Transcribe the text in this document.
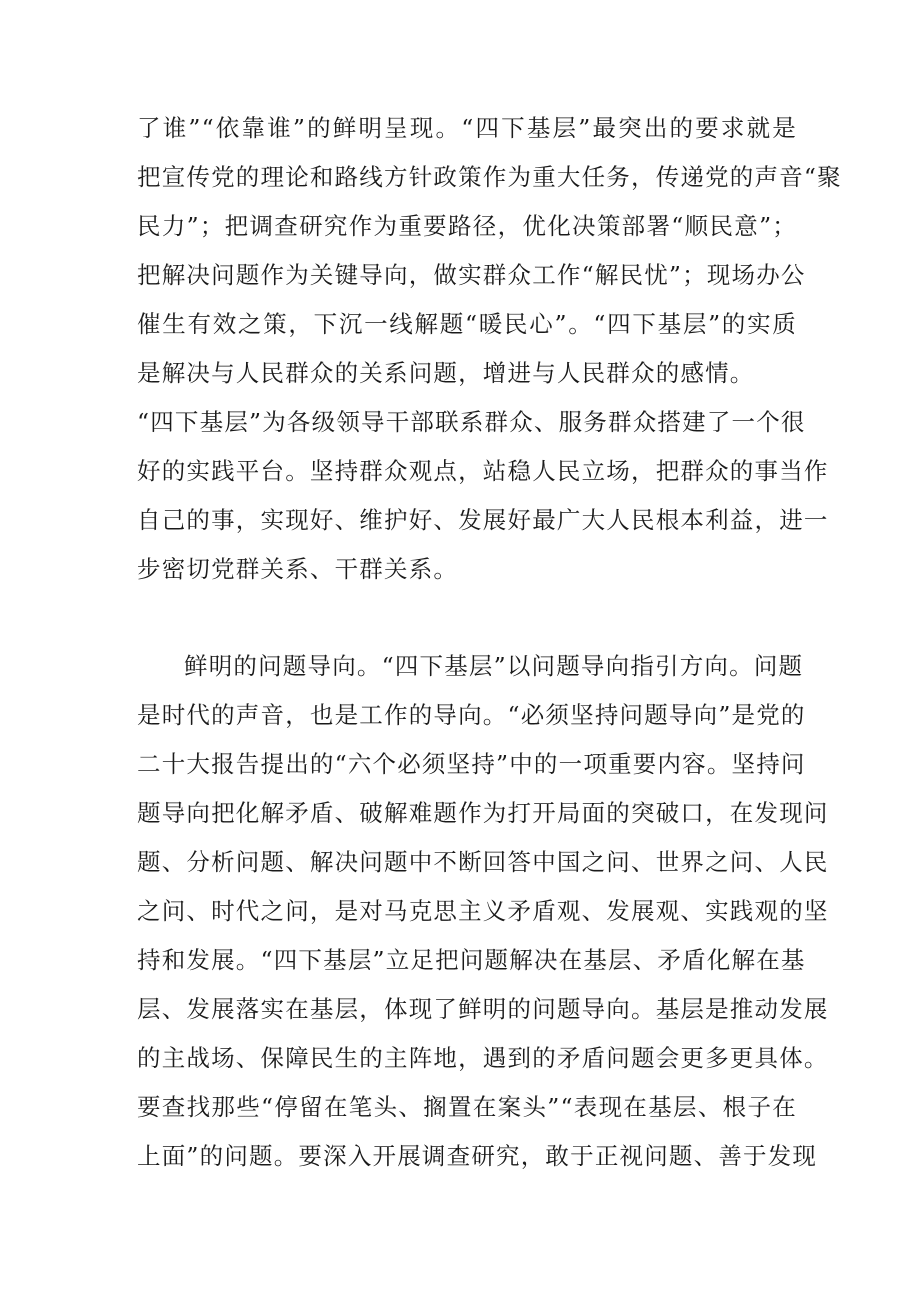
了谁”“依靠谁”的鲜明呈现。“四下基层”最突出的要求就是
把宣传党的理论和路线方针政策作为重大任务，传递党的声音“聚
民力”；把调查研究作为重要路径，优化决策部署“顺民意”；
把解决问题作为关键导向，做实群众工作“解民忧”；现场办公
催生有效之策，下沉一线解题“暖民心”。“四下基层”的实质
是解决与人民群众的关系问题，增进与人民群众的感情。
“四下基层”为各级领导干部联系群众、服务群众搭建了一个很
好的实践平台。坚持群众观点，站稳人民立场，把群众的事当作
自己的事，实现好、维护好、发展好最广大人民根本利益，进一
步密切党群关系、干群关系。
鲜明的问题导向。“四下基层”以问题导向指引方向。问题
是时代的声音，也是工作的导向。“必须坚持问题导向”是党的
二十大报告提出的“六个必须坚持”中的一项重要内容。坚持问
题导向把化解矛盾、破解难题作为打开局面的突破口，在发现问
题、分析问题、解决问题中不断回答中国之问、世界之问、人民
之问、时代之问，是对马克思主义矛盾观、发展观、实践观的坚
持和发展。“四下基层”立足把问题解决在基层、矛盾化解在基
层、发展落实在基层，体现了鲜明的问题导向。基层是推动发展
的主战场、保障民生的主阵地，遇到的矛盾问题会更多更具体。
要查找那些“停留在笔头、搁置在案头”“表现在基层、根子在
上面”的问题。要深入开展调查研究，敢于正视问题、善于发现
